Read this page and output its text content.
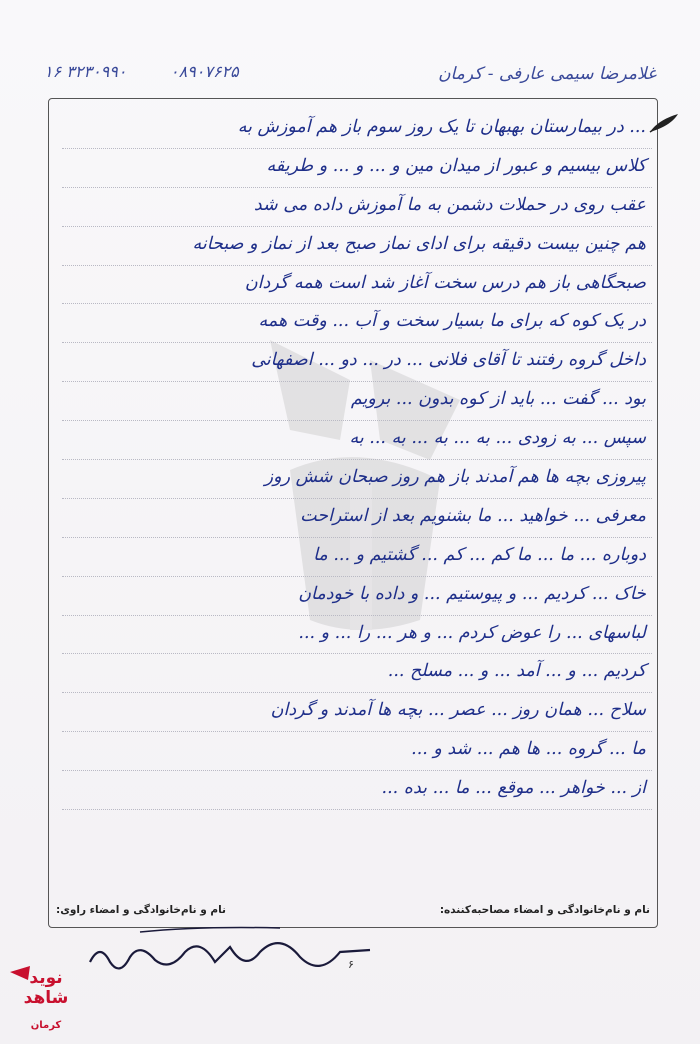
غلامرضا سیمی عارفی - کرمان
۰۸۹۰۷۶۲۵
۳۲۳۰۹۹۰ ۱۶
... در بیمارستان بهبهان تا یک روز سوم باز هم آموزش به
کلاس بیسیم و عبور از میدان مین و ... و ... و طریقه
عقب روی در حملات دشمن به ما آموزش داده می شد
هم چنین بیست دقیقه برای ادای نماز صبح بعد از نماز و صبحانه
صبحگاهی باز هم درس سخت آغاز شد است همه گردان
در یک کوه که برای ما بسیار سخت و آب ... وقت همه
داخل گروه رفتند تا آقای فلانی ... در ... دو ... اصفهانی
بود ... گفت ... باید از کوه بدون ... برویم
سپس ... به زودی ... به ... به ... به ... به
پیروزی بچه ها هم آمدند باز هم روز صبحان شش روز
معرفی ... خواهید ... ما بشنویم بعد از استراحت
دوباره ... ما ... ما کم ... کم ... گشتیم و ... ما
خاک ... کردیم ... و پیوستیم ... و داده با خودمان
لباسهای ... را عوض کردم ... و هر ... را ... و ...
کردیم ... و ... آمد ... و ... مسلح ...
سلاح ... همان روز ... عصر ... بچه ها آمدند و گردان
ما ... گروه ... ها هم ... شد و ...
از ... خواهر ... موقع ... ما ... بده ...
نام و نام‌خانوادگی و امضاء مصاحبه‌کننده:
نام و نام‌خانوادگی و امضاء راوی:
۶
نوید شاهد
کرمان
